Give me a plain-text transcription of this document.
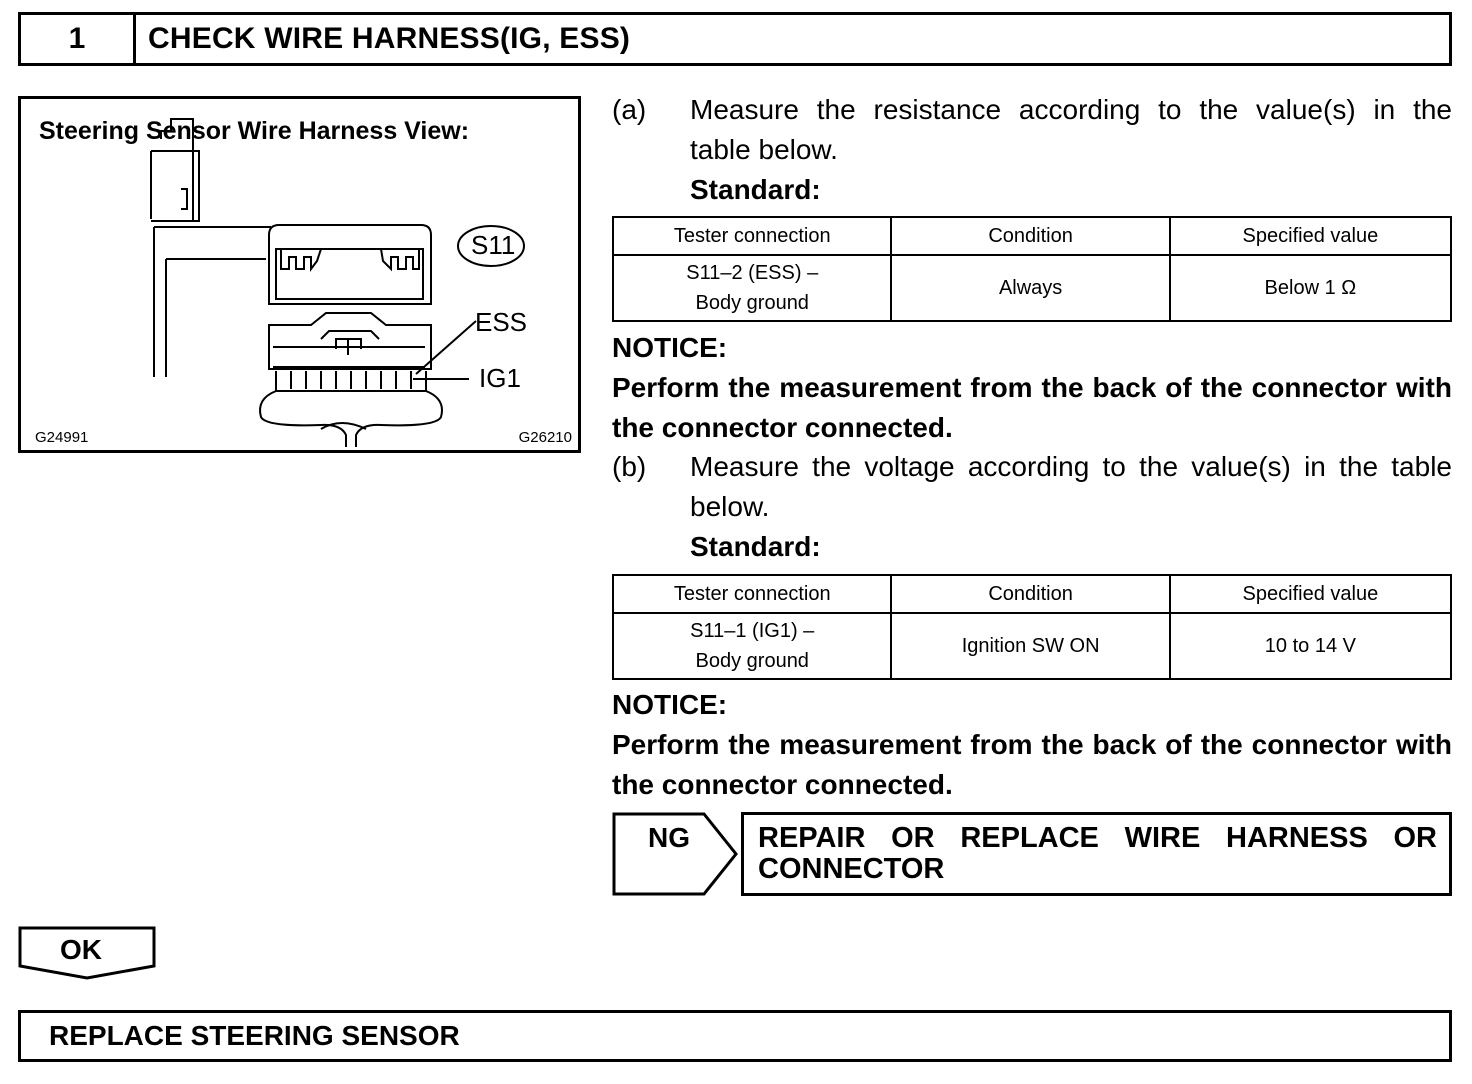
1	CHECK WIRE HARNESS(IG, ESS)
Steering Sensor Wire Harness View:
S11
ESS
IG1
G24991	G26210
(a)	Measure the resistance according to the value(s) in the
table below.
Standard:
Tester connection	Condition	Specified value

S11–2 (ESS) –
Body ground	Always	Below 1 Ω
NOTICE:
Perform the measurement from the back of the connector with the connector connected.
(b)	Measure the voltage according to the value(s) in the table
below.
Standard:
Tester connection	Condition	Specified value

S11–1 (IG1) –
Body ground	Ignition SW ON	10 to 14 V
NOTICE:
Perform the measurement from the back of the connector with the connector connected.
NG REPAIR OR REPLACE WIRE HARNESS OR
CONNECTOR
OK
REPLACE STEERING SENSOR
